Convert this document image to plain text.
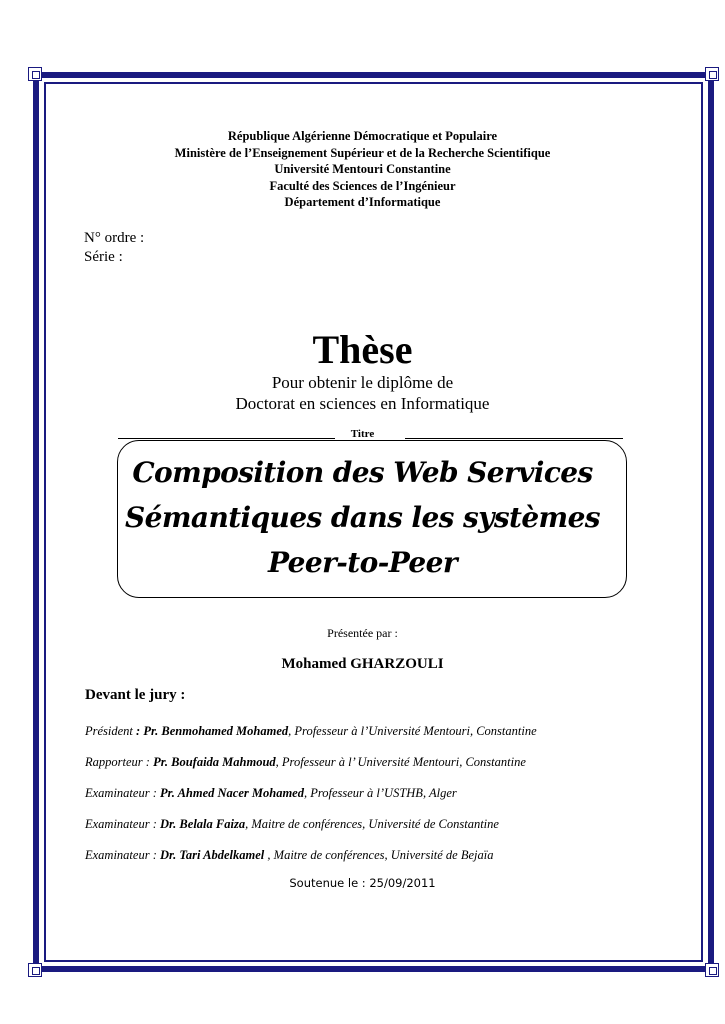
République Algérienne Démocratique et Populaire
Ministère de l’Enseignement Supérieur et de la Recherche Scientifique
Université Mentouri Constantine
Faculté des Sciences de l’Ingénieur
Département d’Informatique
N° ordre :
Série :
Thèse
Pour obtenir le diplôme de
Doctorat en sciences en Informatique
Titre
Composition des Web Services
Sémantiques dans les systèmes
Peer-to-Peer
Présentée par :
Mohamed GHARZOULI
Devant le jury :
Président : Pr. Benmohamed Mohamed, Professeur à l’Université Mentouri, Constantine
Rapporteur : Pr. Boufaida Mahmoud, Professeur à l’ Université Mentouri, Constantine
Examinateur : Pr. Ahmed Nacer Mohamed, Professeur à l’USTHB, Alger
Examinateur : Dr. Belala Faiza, Maitre de conférences, Université de Constantine
Examinateur : Dr. Tari Abdelkamel , Maitre de conférences, Université de Bejaïa
Soutenue le : 25/09/2011
